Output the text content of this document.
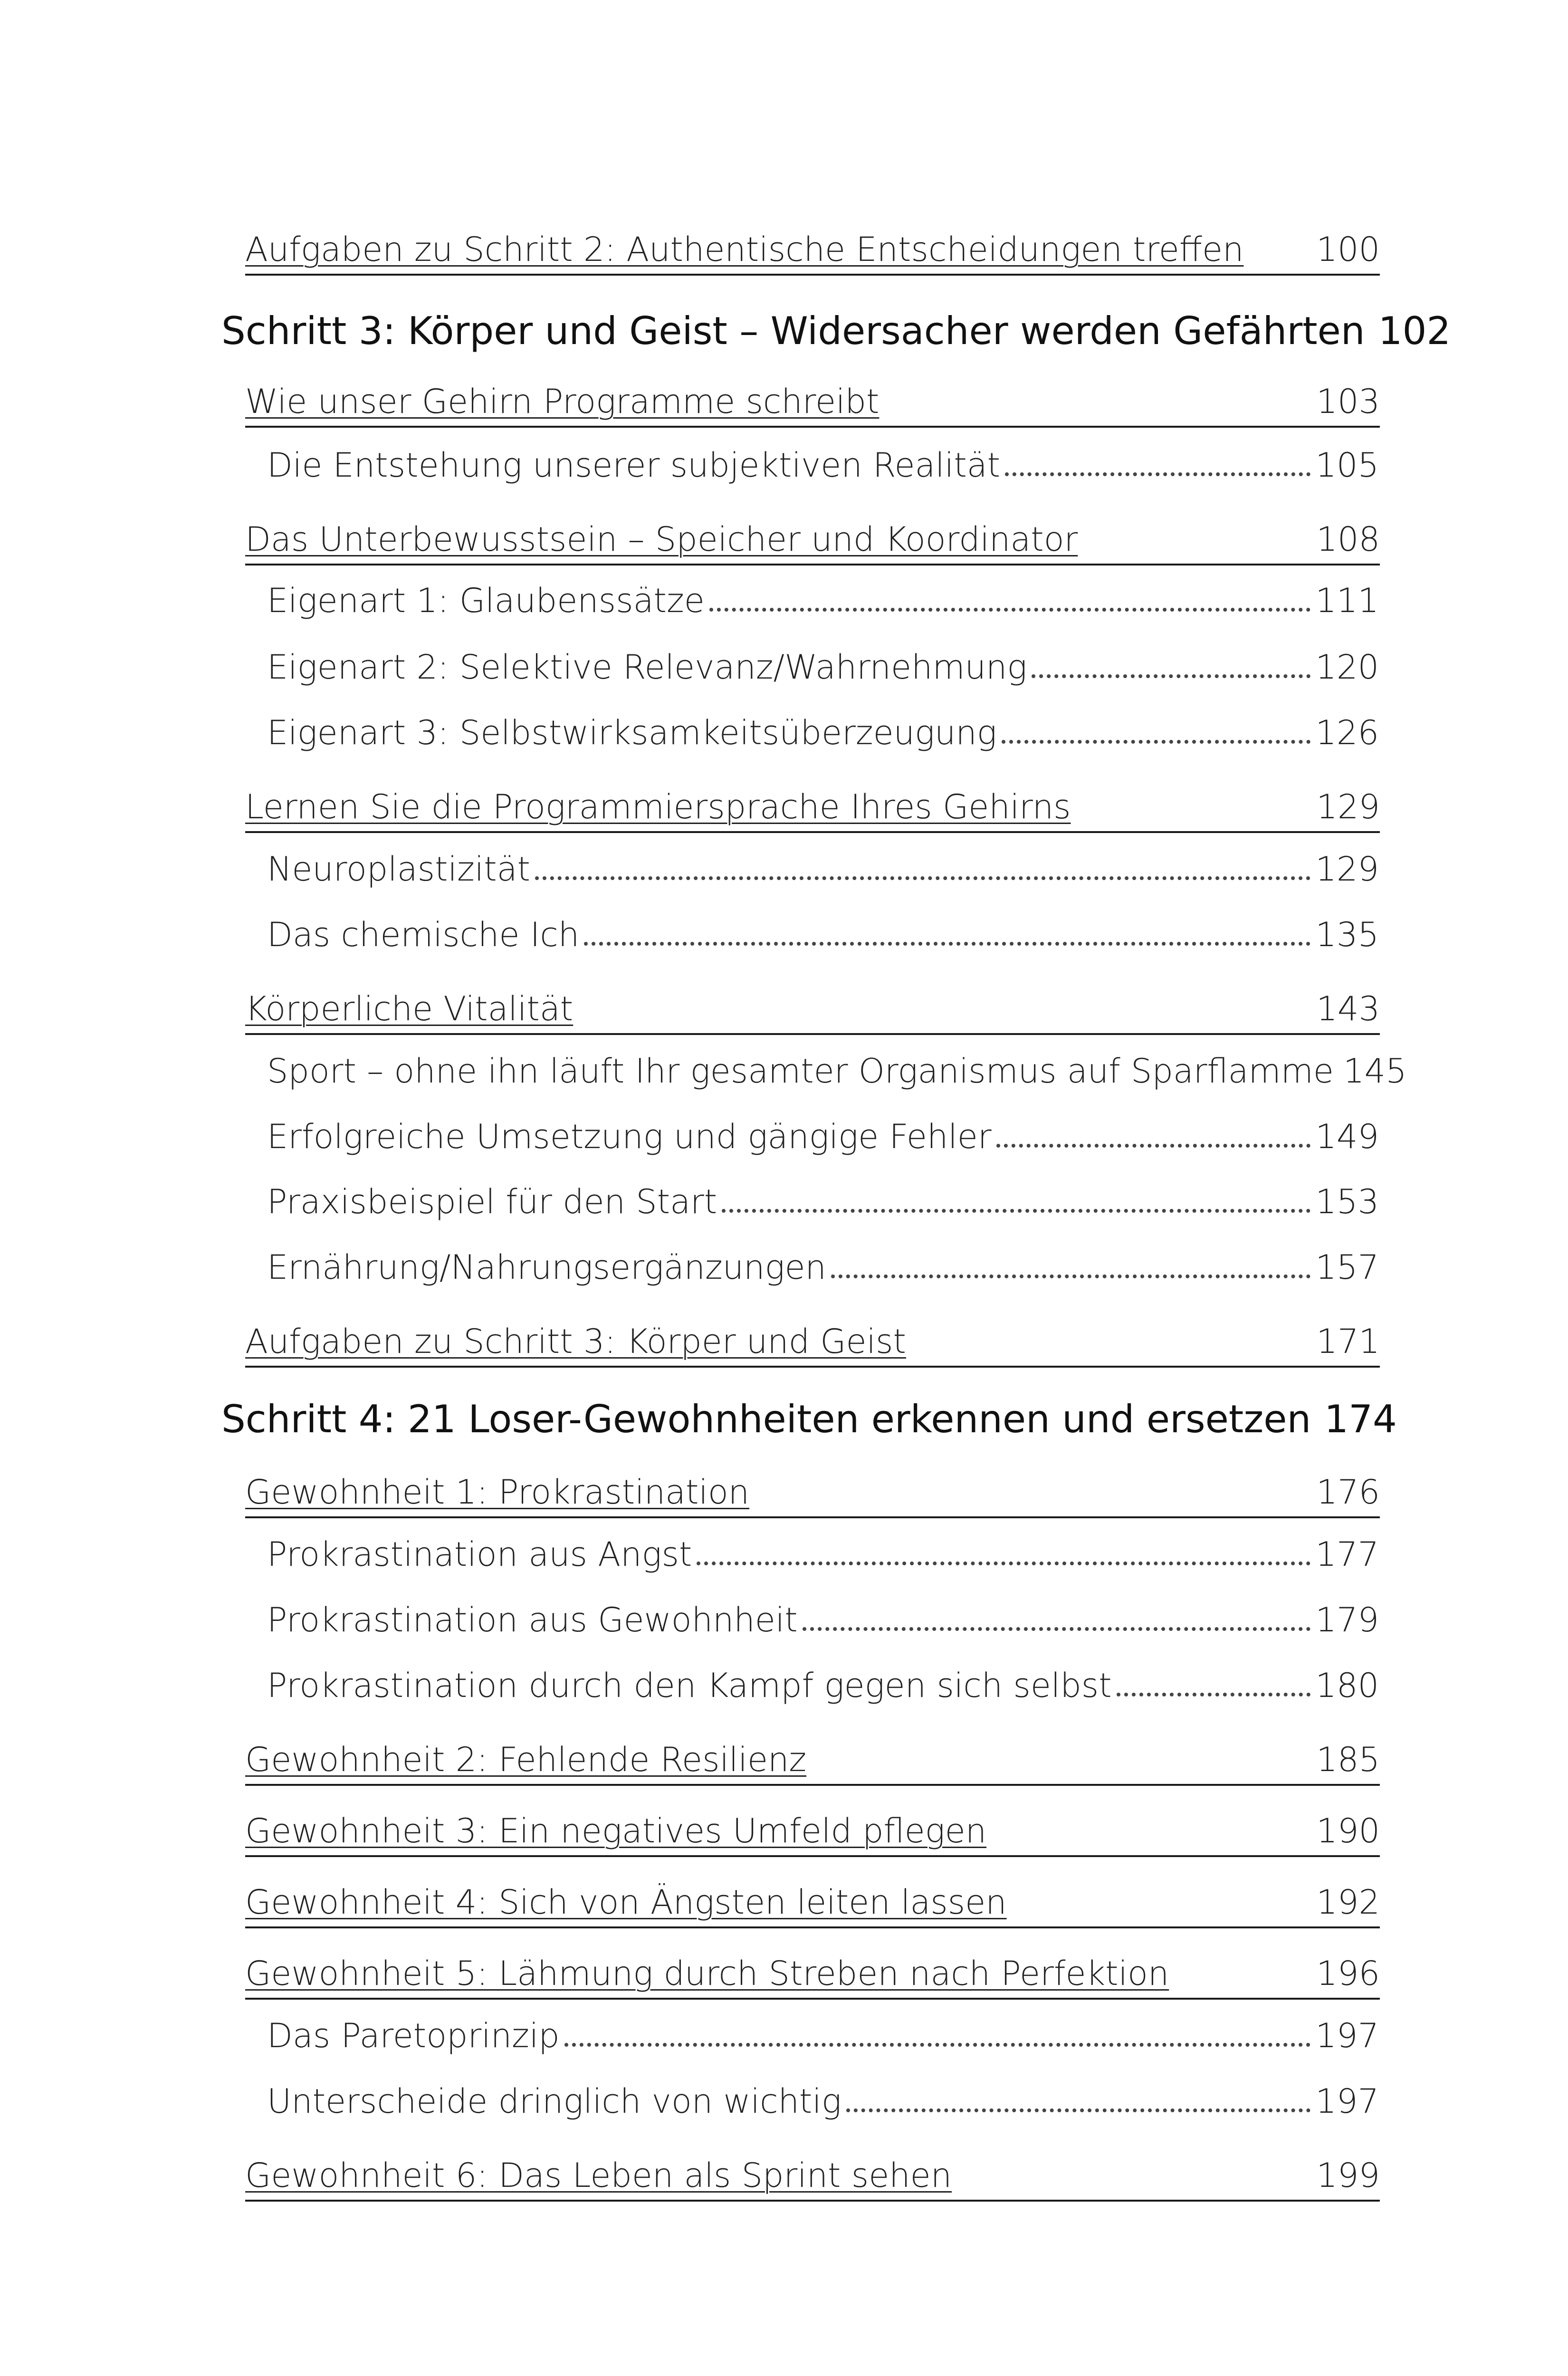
Aufgaben zu Schritt 2: Authentische Entscheidungen treffen 100
Schritt 3: Körper und Geist – Widersacher werden Gefährten 102
Wie unser Gehirn Programme schreibt	103
Die Entstehung unserer subjektiven Realität	105
Das Unterbewusstsein – Speicher und Koordinator	108
Eigenart 1: Glaubenssätze	111
Eigenart 2: Selektive Relevanz/Wahrnehmung	120
Eigenart 3: Selbstwirksamkeitsüberzeugung	126
Lernen Sie die Programmiersprache Ihres Gehirns	129
Neuroplastizität	129
Das chemische Ich	135
Körperliche Vitalität	143
Sport – ohne ihn läuft Ihr gesamter Organismus auf Sparflamme 145
Erfolgreiche Umsetzung und gängige Fehler	149
Praxisbeispiel für den Start	153
Ernährung/Nahrungsergänzungen	157
Aufgaben zu Schritt 3: Körper und Geist	171
Schritt 4: 21 Loser-Gewohnheiten erkennen und ersetzen 174
Gewohnheit 1: Prokrastination	176
Prokrastination aus Angst	177
Prokrastination aus Gewohnheit	179
Prokrastination durch den Kampf gegen sich selbst	180
Gewohnheit 2: Fehlende Resilienz	185
Gewohnheit 3: Ein negatives Umfeld pflegen	190
Gewohnheit 4: Sich von Ängsten leiten lassen	192
Gewohnheit 5: Lähmung durch Streben nach Perfektion	196
Das Paretoprinzip	197
Unterscheide dringlich von wichtig	197
Gewohnheit 6: Das Leben als Sprint sehen	199
